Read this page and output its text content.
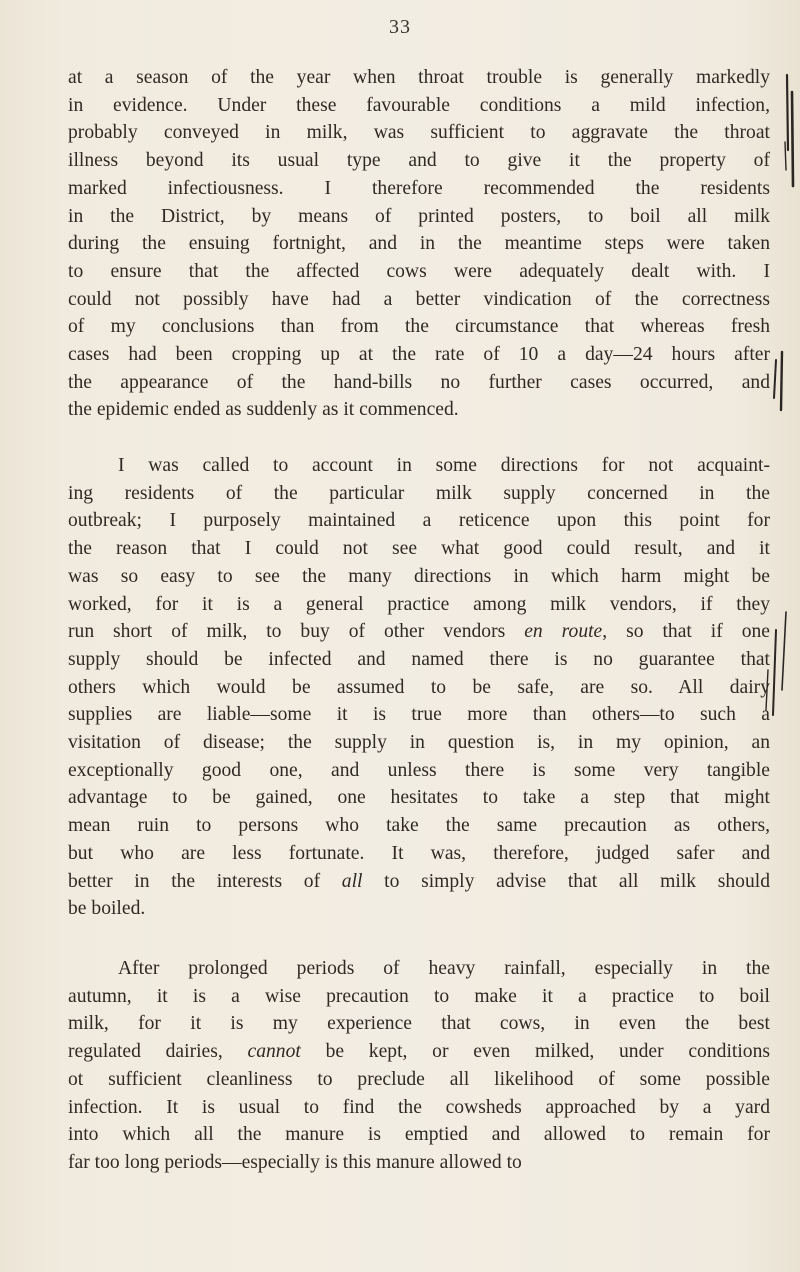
33
at a season of the year when throat trouble is generally markedly
in evidence. Under these favourable conditions a mild infection,
probably conveyed in milk, was sufficient to aggravate the throat
illness beyond its usual type and to give it the property of
marked infectiousness. I therefore recommended the residents
in the District, by means of printed posters, to boil all milk
during the ensuing fortnight, and in the meantime steps were taken
to ensure that the affected cows were adequately dealt with. I
could not possibly have had a better vindication of the correctness
of my conclusions than from the circumstance that whereas fresh
cases had been cropping up at the rate of 10 a day—24 hours after
the appearance of the hand-bills no further cases occurred, and
the epidemic ended as suddenly as it commenced.
I was called to account in some directions for not acquaint-
ing residents of the particular milk supply concerned in the
outbreak; I purposely maintained a reticence upon this point for
the reason that I could not see what good could result, and it
was so easy to see the many directions in which harm might be
worked, for it is a general practice among milk vendors, if they
run short of milk, to buy of other vendors en route, so that if one
supply should be infected and named there is no guarantee that
others which would be assumed to be safe, are so. All dairy
supplies are liable—some it is true more than others—to such a
visitation of disease; the supply in question is, in my opinion, an
exceptionally good one, and unless there is some very tangible
advantage to be gained, one hesitates to take a step that might
mean ruin to persons who take the same precaution as others,
but who are less fortunate. It was, therefore, judged safer and
better in the interests of all to simply advise that all milk should
be boiled.
After prolonged periods of heavy rainfall, especially in the
autumn, it is a wise precaution to make it a practice to boil
milk, for it is my experience that cows, in even the best
regulated dairies, cannot be kept, or even milked, under conditions
ot sufficient cleanliness to preclude all likelihood of some possible
infection. It is usual to find the cowsheds approached by a yard
into which all the manure is emptied and allowed to remain for
far too long periods—especially is this manure allowed to
